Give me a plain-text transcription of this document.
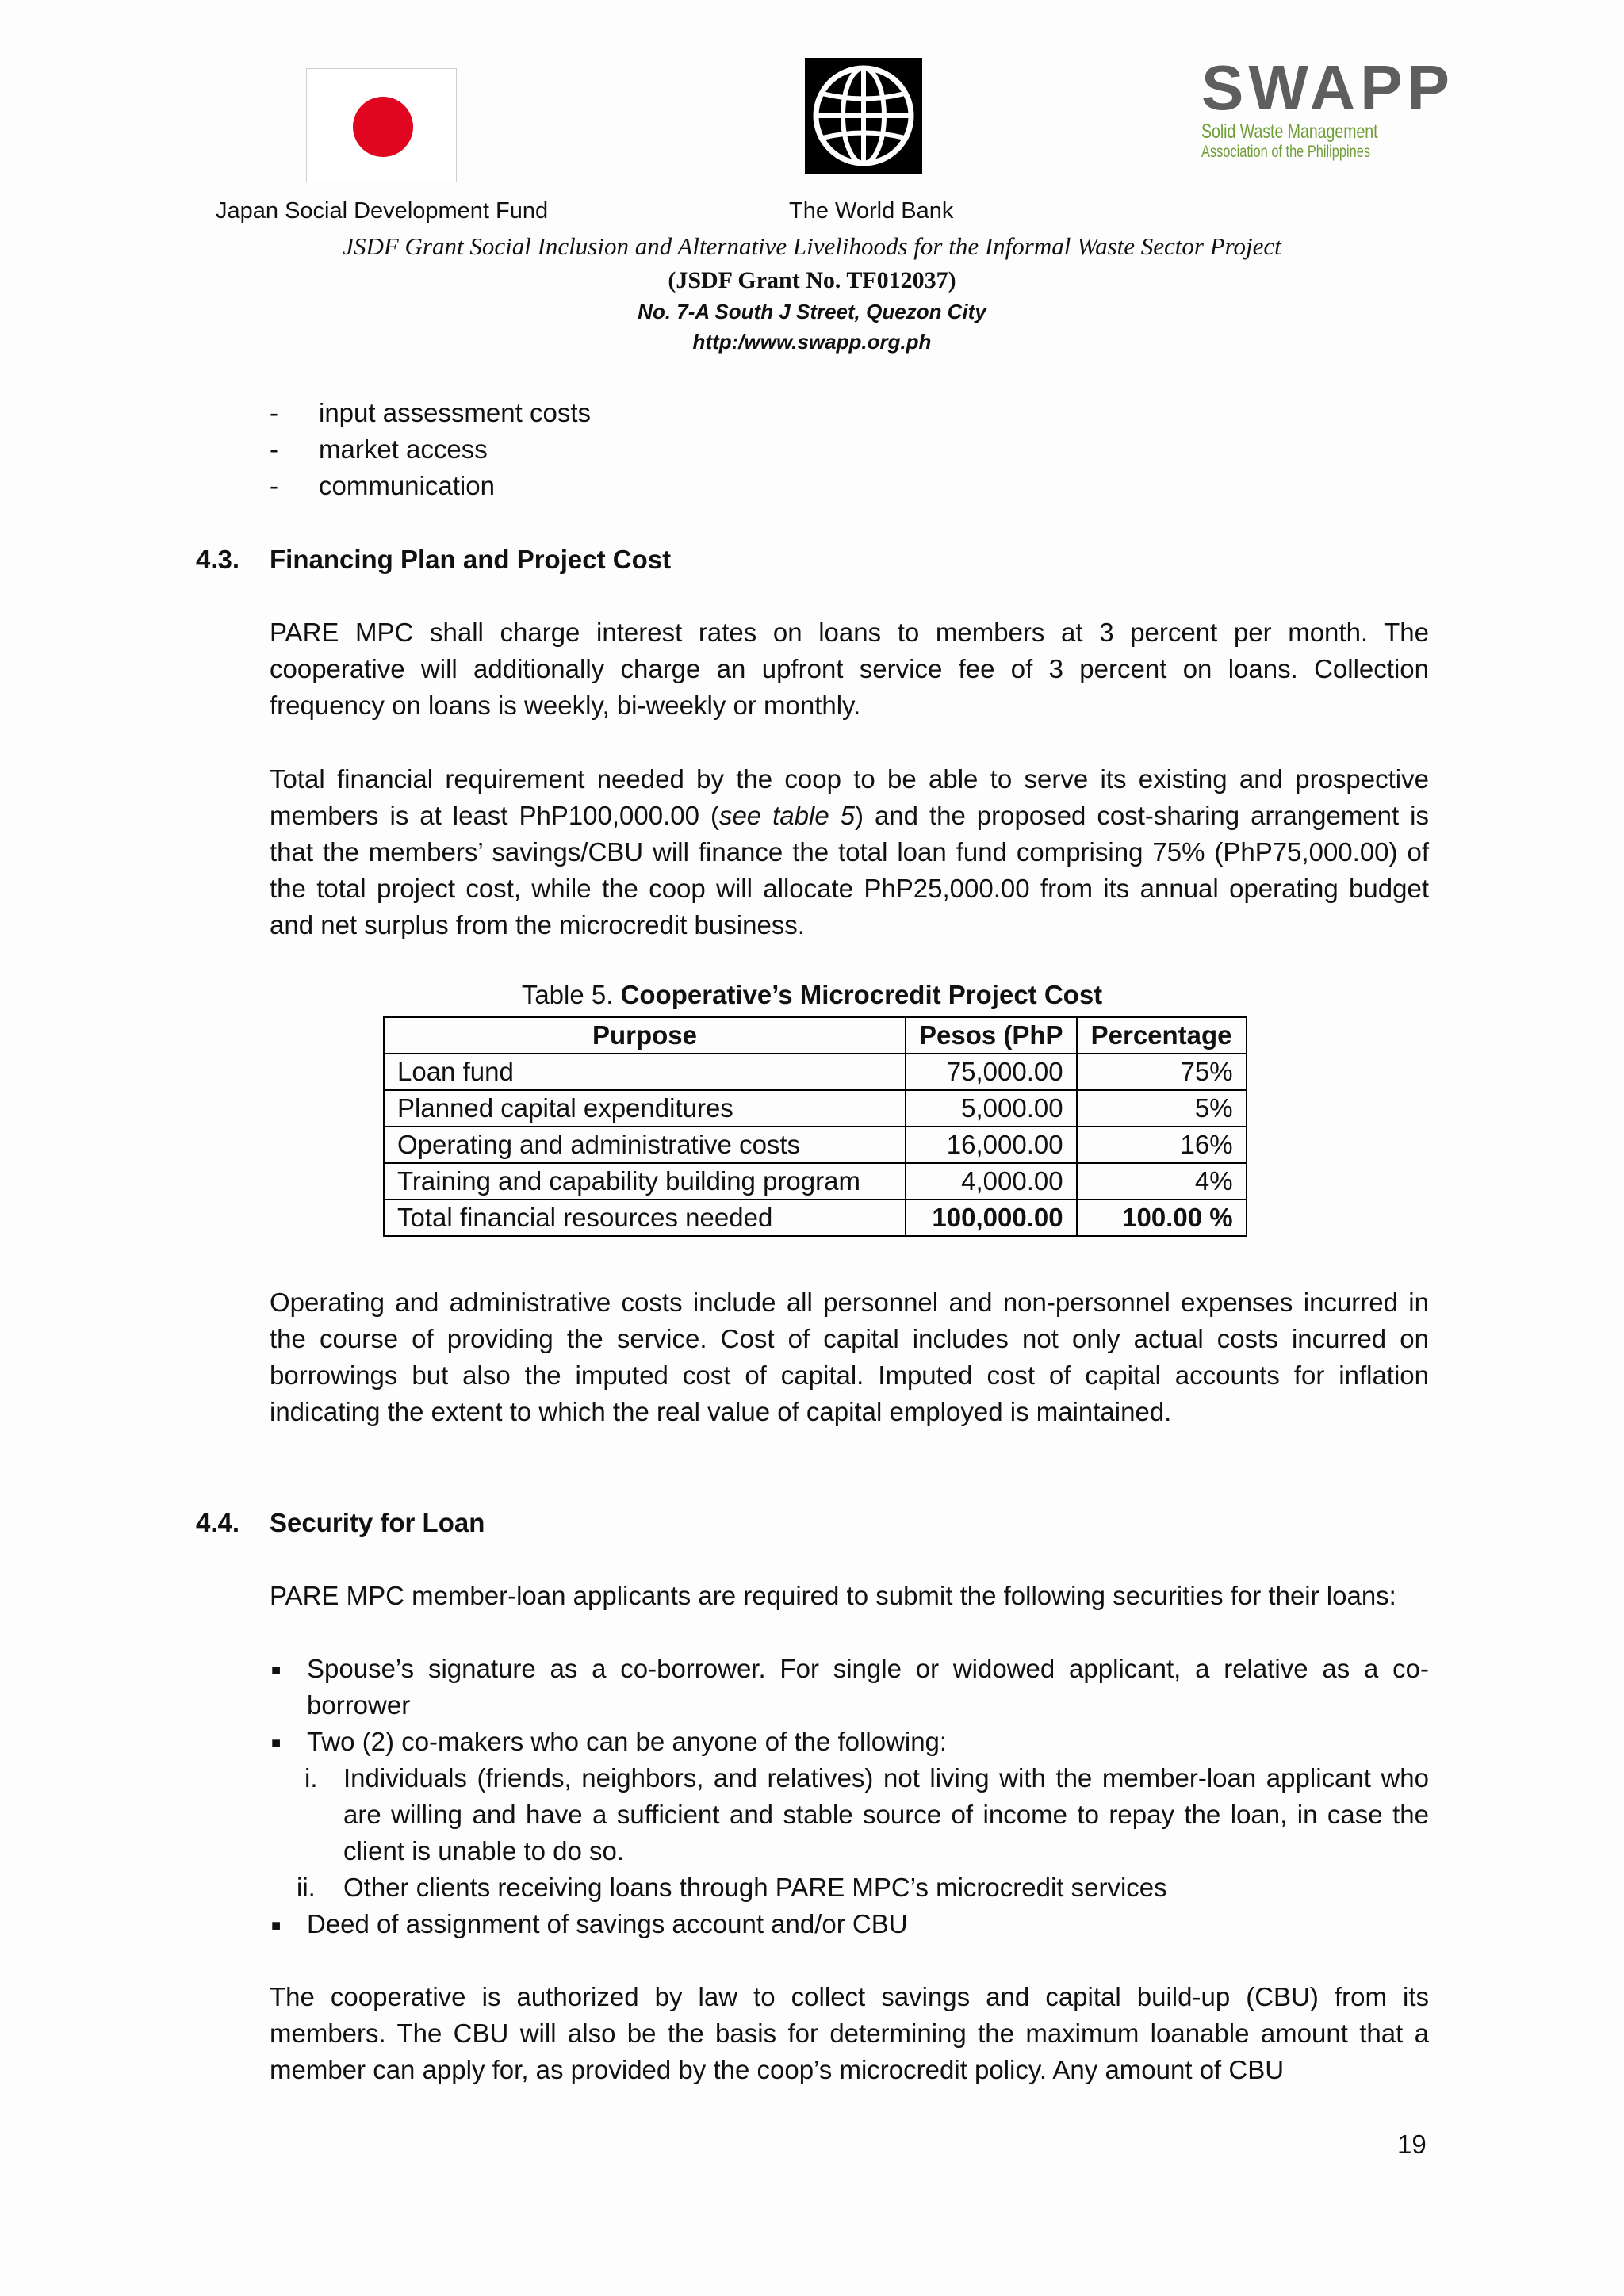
SWAPP
Solid Waste Management
Association of the Philippines
Japan Social Development Fund	The World Bank
JSDF Grant Social Inclusion and Alternative Livelihoods for the Informal Waste Sector Project
(JSDF Grant No. TF012037)
No. 7-A South J Street, Quezon City
http:/www.swapp.org.ph
- input assessment costs
- market access
- communication
4.3. Financing Plan and Project Cost
PARE MPC shall charge interest rates on loans to members at 3 percent per month. The cooperative will additionally charge an upfront service fee of 3 percent on loans. Collection frequency on loans is weekly, bi-weekly or monthly.
Total financial requirement needed by the coop to be able to serve its existing and prospective members is at least PhP100,000.00 (see table 5) and the proposed cost-sharing arrangement is that the members’ savings/CBU will finance the total loan fund comprising 75% (PhP75,000.00) of the total project cost, while the coop will allocate PhP25,000.00 from its annual operating budget and net surplus from the microcredit business.
Table 5. Cooperative’s Microcredit Project Cost
Purpose	Pesos (PhP	Percentage
Loan fund	75,000.00	75%
Planned capital expenditures	5,000.00	5%
Operating and administrative costs	16,000.00	16%
Training and capability building program	4,000.00	4%
Total financial resources needed	100,000.00	100.00 %
Operating and administrative costs include all personnel and non-personnel expenses incurred in the course of providing the service. Cost of capital includes not only actual costs incurred on borrowings but also the imputed cost of capital. Imputed cost of capital accounts for inflation indicating the extent to which the real value of capital employed is maintained.
4.4. Security for Loan
PARE MPC member-loan applicants are required to submit the following securities for their loans:
■ Spouse’s signature as a co-borrower. For single or widowed applicant, a relative as a co-borrower
■ Two (2) co-makers who can be anyone of the following:
i. Individuals (friends, neighbors, and relatives) not living with the member-loan applicant who are willing and have a sufficient and stable source of income to repay the loan, in case the client is unable to do so.
ii. Other clients receiving loans through PARE MPC’s microcredit services
■ Deed of assignment of savings account and/or CBU
The cooperative is authorized by law to collect savings and capital build-up (CBU) from its members. The CBU will also be the basis for determining the maximum loanable amount that a member can apply for, as provided by the coop’s microcredit policy. Any amount of CBU
19
